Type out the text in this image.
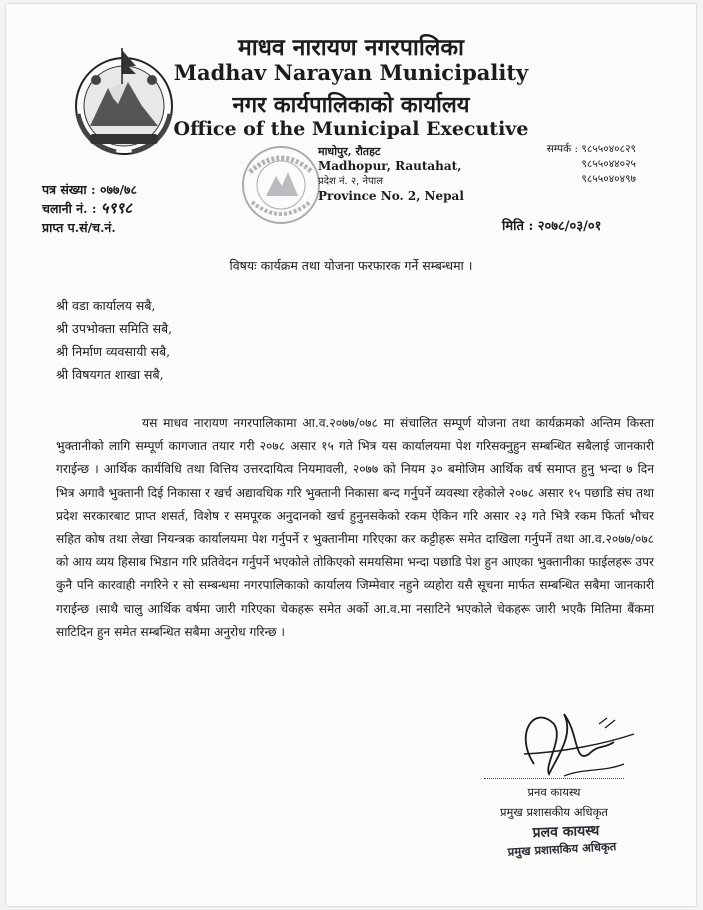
माधव नारायण नगरपालिका
Madhav Narayan Municipality
नगर कार्यपालिकाको कार्यालय
Office of the Municipal Executive
माधोपुर, रौतहट
Madhopur, Rautahat,
प्रदेश नं. २, नेपाल
Province No. 2, Nepal
सम्पर्क : ९८५५०४०८२९
९८५५०४४०२५
९८५५०४०४९७
पत्र संख्या : ०७७/७८
चलानी नं. : ५९९८
प्राप्त प.सं/च.नं.	मिति : २०७८/०३/०१
विषयः कार्यक्रम तथा योजना फरफारक गर्ने सम्बन्धमा ।
श्री वडा कार्यालय सबै,
श्री उपभोक्ता समिति सबै,
श्री निर्माण व्यवसायी सबै,
श्री विषयगत शाखा सबै,
यस माधव नारायण नगरपालिकामा आ.व.२०७७/०७८ मा संचालित सम्पूर्ण योजना तथा कार्यक्रमको अन्तिम किस्ता भुक्तानीको लागि सम्पूर्ण कागजात तयार गरी २०७८ असार १५ गते भित्र यस कार्यालयमा पेश गरिसक्नुहुन सम्बन्धित सबैलाई जानकारी गराईन्छ । आर्थिक कार्यविधि तथा वित्तिय उत्तरदायित्व नियमावली, २०७७ को नियम ३० बमोजिम आर्थिक वर्ष समाप्त हुनु भन्दा ७ दिन भित्र अगावै भुक्तानी दिई निकासा र खर्च अद्यावधिक गरि भुक्तानी निकासा बन्द गर्नुपर्ने व्यवस्था रहेकोले २०७८ असार १५ पछाडि संघ तथा प्रदेश सरकारबाट प्राप्त शसर्त, विशेष र समपूरक अनुदानको खर्च हुनुनसकेको रकम ऐकिन गरि असार २३ गते भित्रै रकम फिर्ता भौचर सहित कोष तथा लेखा नियन्त्रक कार्यालयमा पेश गर्नुपर्ने र भुक्तानीमा गरिएका कर कट्टीहरू समेत दाखिला गर्नुपर्ने तथा आ.व.२०७७/०७८ को आय व्यय हिसाब भिडान गरि प्रतिवेदन गर्नुपर्ने भएकोले तोकिएको समयसिमा भन्दा पछाडि पेश हुन आएका भुक्तानीका फाईलहरू उपर कुनै पनि कारवाही नगरिने र सो सम्बन्धमा नगरपालिकाको कार्यालय जिम्मेवार नहुने व्यहोरा यसै सूचना मार्फत सम्बन्धित सबैमा जानकारी गराईन्छ ।साथै चालु आर्थिक वर्षमा जारी गरिएका चेकहरू समेत अर्को आ.व.मा नसाटिने भएकोले चेकहरू जारी भएकै मितिमा बैंकमा साटिदिन हुन समेत सम्बन्धित सबैमा अनुरोध गरिन्छ ।
प्रनव कायस्थ
प्रमुख प्रशासकीय अधिकृत
प्रलव कायस्थ
प्रमुख प्रशासकिय अधिकृत
